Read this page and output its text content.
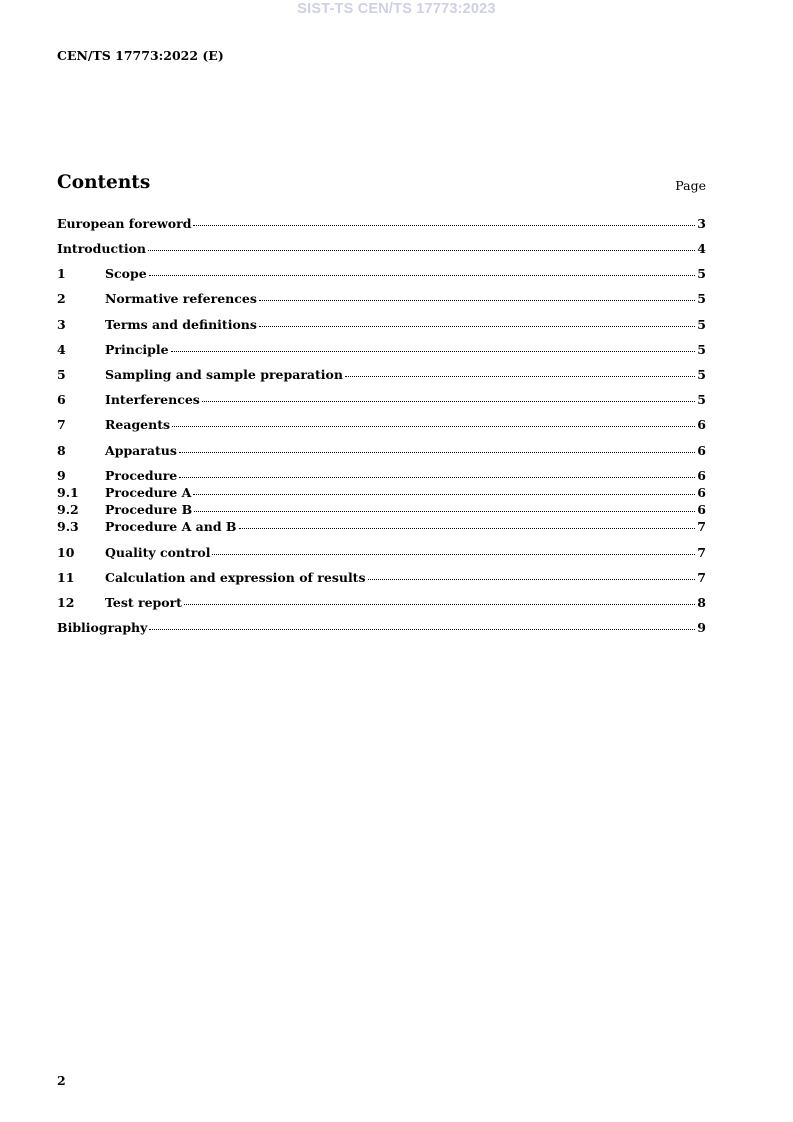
SIST-TS CEN/TS 17773:2023
CEN/TS 17773:2022 (E)
Contents	Page
European foreword	3
Introduction	4
1	Scope	5
2	Normative references	5
3	Terms and definitions	5
4	Principle	5
5	Sampling and sample preparation	5
6	Interferences	5
7	Reagents	6
8	Apparatus	6
9	Procedure	6
9.1	Procedure A	6
9.2	Procedure B	6
9.3	Procedure A and B	7
10	Quality control	7
11	Calculation and expression of results	7
12	Test report	8
Bibliography	9
2
